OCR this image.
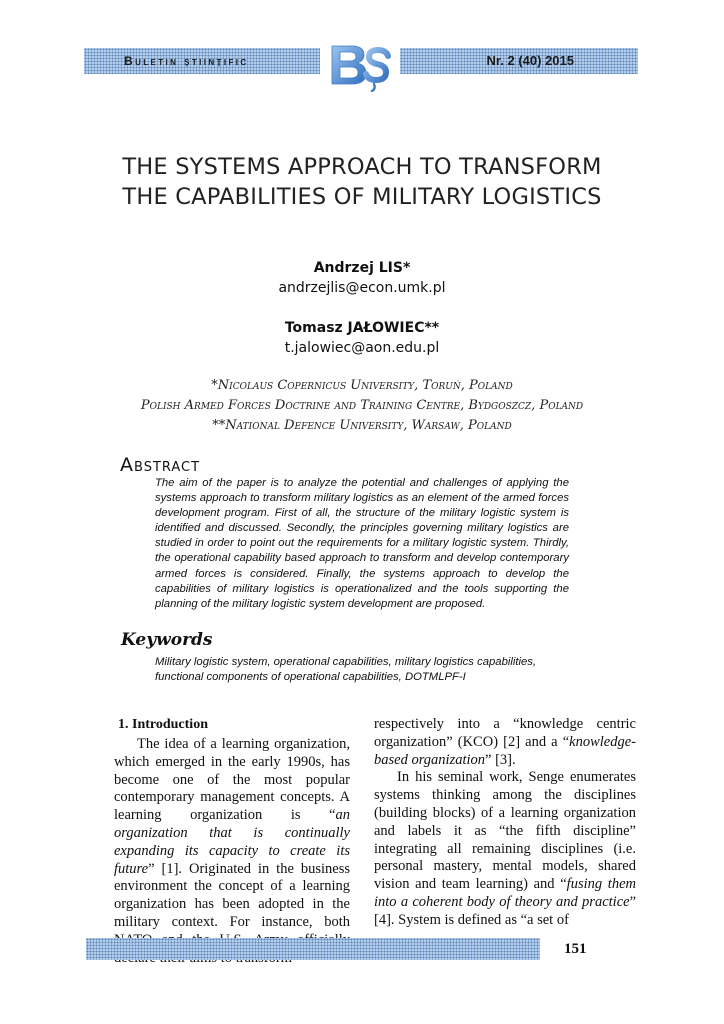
Buletin științific	Nr. 2 (40) 2015
THE SYSTEMS APPROACH TO TRANSFORM THE CAPABILITIES OF MILITARY LOGISTICS
Andrzej LIS*
andrzejlis@econ.umk.pl
Tomasz JAŁOWIEC**
t.jalowiec@aon.edu.pl
*Nicolaus Copernicus University, Toruń, Poland
Polish Armed Forces Doctrine and Training Centre, Bydgoszcz, Poland
**National Defence University, Warsaw, Poland
Abstract

The aim of the paper is to analyze the potential and challenges of applying the systems approach to transform military logistics as an element of the armed forces development program. First of all, the structure of the military logistic system is identified and discussed. Secondly, the principles governing military logistics are studied in order to point out the requirements for a military logistic system. Thirdly, the operational capability based approach to transform and develop contemporary armed forces is considered. Finally, the systems approach to develop the capabilities of military logistics is operationalized and the tools supporting the planning of the military logistic system development are proposed.

Keywords

Military logistic system, operational capabilities, military logistics capabilities, functional components of operational capabilities, DOTMLPF-I

1. Introduction

The idea of a learning organization, which emerged in the early 1990s, has become one of the most popular contemporary management concepts. A learning organization is “an organization that is continually expanding its capacity to create its future” [1]. Originated in the business environment the concept of a learning organization has been adopted in the military context. For instance, both

respectively into a “knowledge centric organization” (KCO) [2] and a “knowledge-based organization” [3].

In his seminal work, Senge enumerates systems thinking among the disciplines (building blocks) of a learning organization and labels it as “the fifth discipline” integrating all remaining disciplines (i.e. personal mastery, mental models, shared vision and team learning) and “fusing them into a coherent body of theory and practice” [4]. System is defined as “a set of

151
